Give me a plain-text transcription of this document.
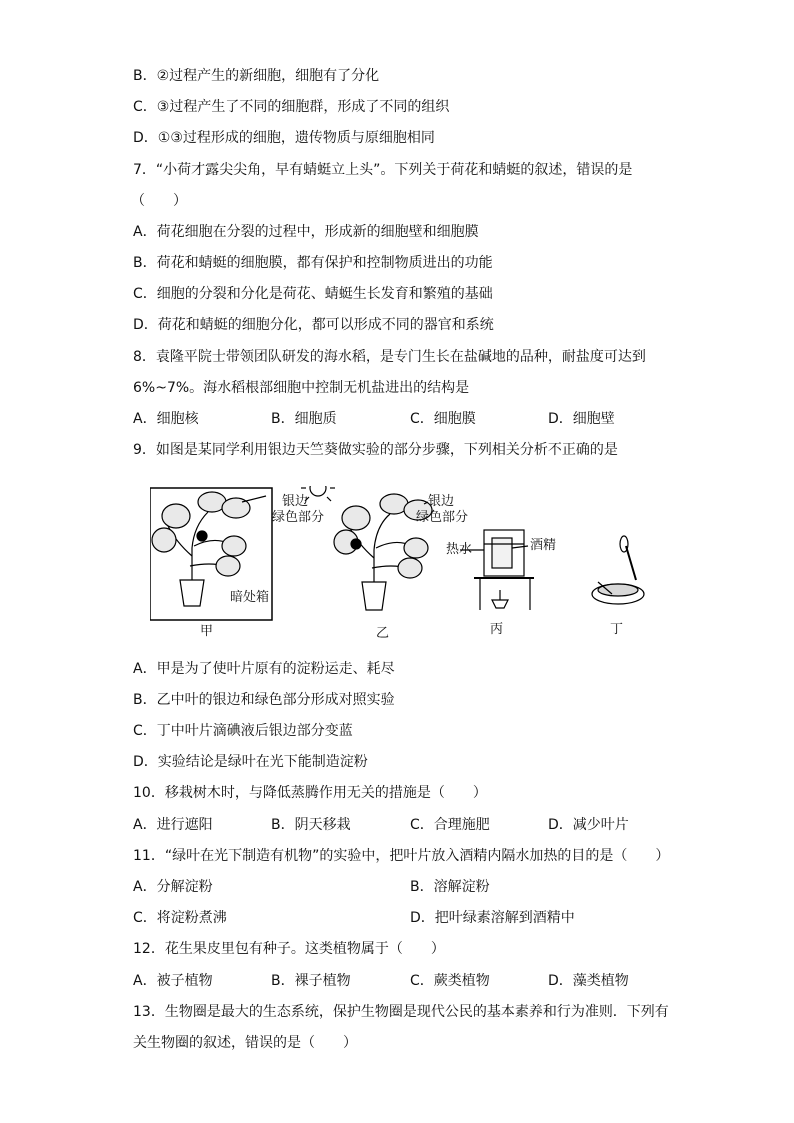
B．②过程产生的新细胞，细胞有了分化
C．③过程产生了不同的细胞群，形成了不同的组织
D．①③过程形成的细胞，遗传物质与原细胞相同
7．“小荷才露尖尖角，早有蜻蜓立上头”。下列关于荷花和蜻蜓的叙述，错误的是
（　　）
A．荷花细胞在分裂的过程中，形成新的细胞壁和细胞膜
B．荷花和蜻蜓的细胞膜，都有保护和控制物质进出的功能
C．细胞的分裂和分化是荷花、蜻蜓生长发育和繁殖的基础
D．荷花和蜻蜓的细胞分化，都可以形成不同的器官和系统
8．袁隆平院士带领团队研发的海水稻，是专门生长在盐碱地的品种，耐盐度可达到
6%~7%。海水稻根部细胞中控制无机盐进出的结构是
A．细胞核	B．细胞质	C．细胞膜	D．细胞壁
9．如图是某同学利用银边天竺葵做实验的部分步骤，下列相关分析不正确的是
银边
绿色部分
暗处箱
银边
绿色部分
热水	酒精
甲	乙	丙	丁
A．甲是为了使叶片原有的淀粉运走、耗尽
B．乙中叶的银边和绿色部分形成对照实验
C．丁中叶片滴碘液后银边部分变蓝
D．实验结论是绿叶在光下能制造淀粉
10．移栽树木时，与降低蒸腾作用无关的措施是（　　）
A．进行遮阳	B．阴天移栽	C．合理施肥	D．减少叶片
11．“绿叶在光下制造有机物”的实验中，把叶片放入酒精内隔水加热的目的是（　　）
A．分解淀粉	B．溶解淀粉
C．将淀粉煮沸	D．把叶绿素溶解到酒精中
12．花生果皮里包有种子。这类植物属于（　　）
A．被子植物	B．裸子植物	C．蕨类植物	D．藻类植物
13．生物圈是最大的生态系统，保护生物圈是现代公民的基本素养和行为准则．下列有
关生物圈的叙述，错误的是（　　）
